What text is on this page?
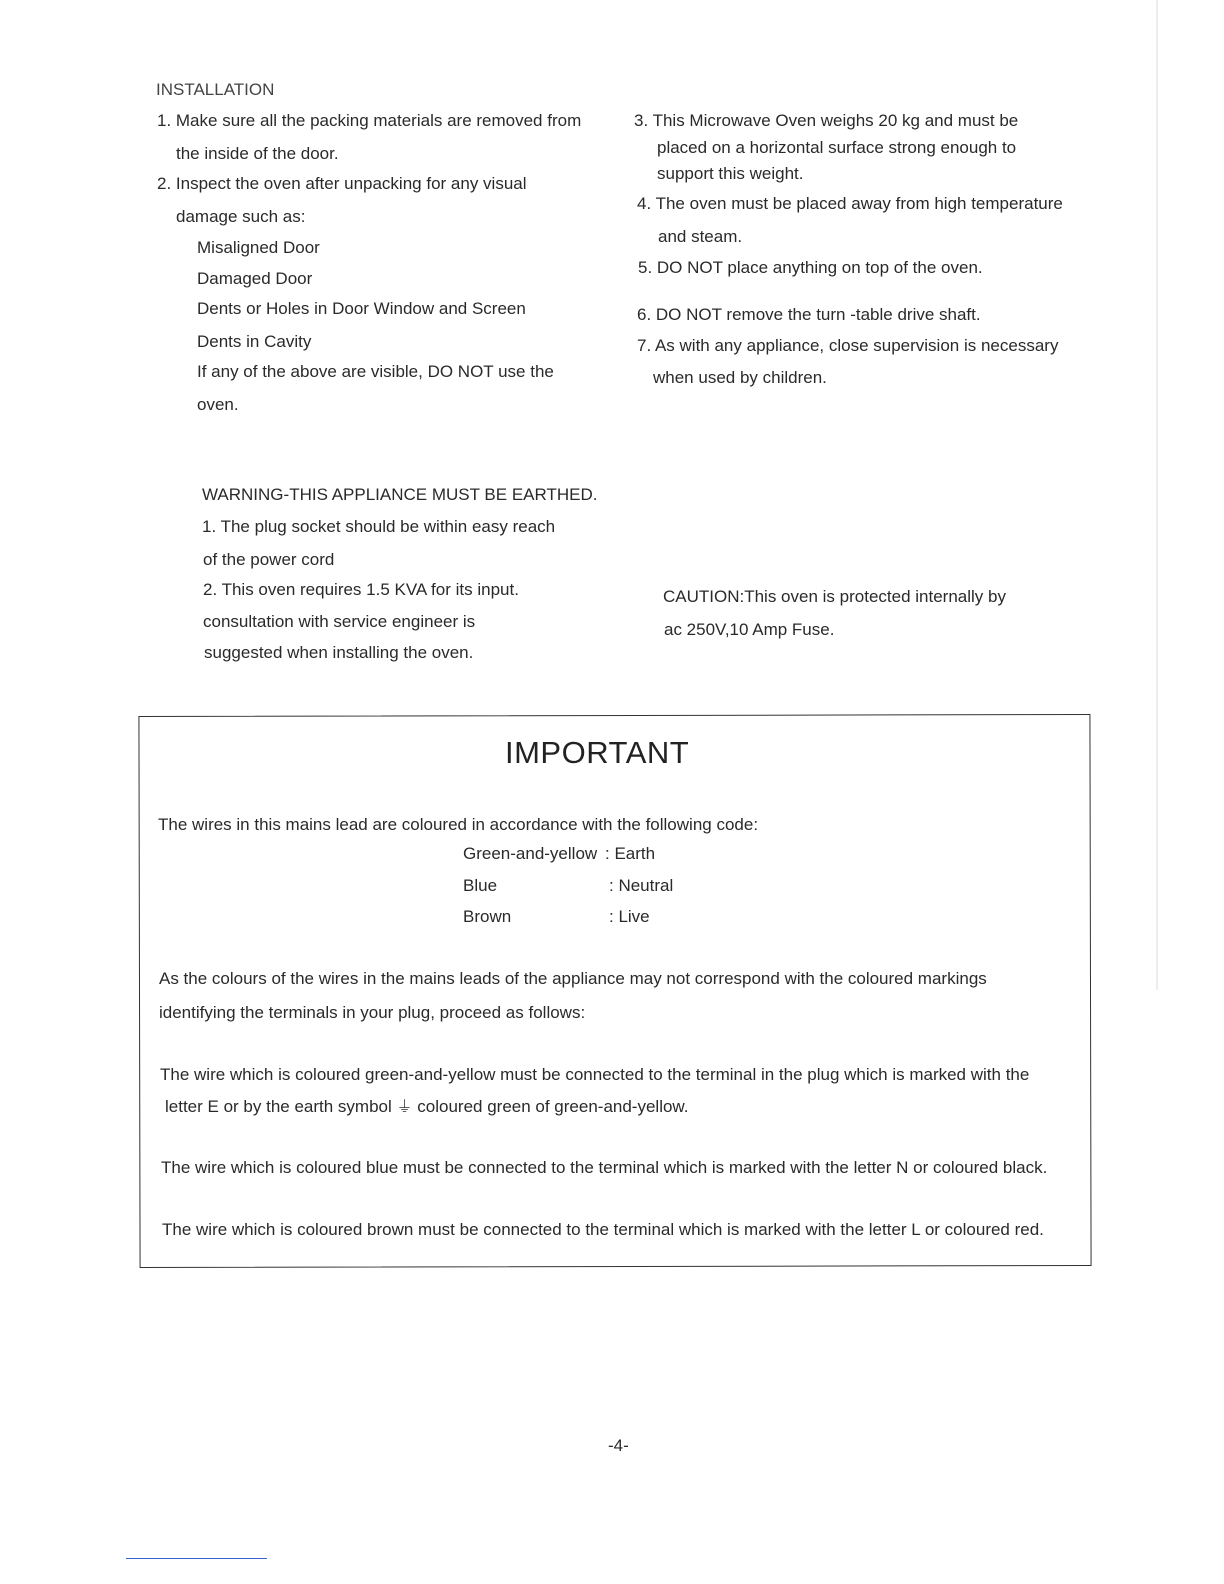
INSTALLATION
1. Make sure all the packing materials are removed from
the inside of the door.
2. Inspect the oven after unpacking for any visual
damage such as:
Misaligned Door
Damaged Door
Dents or Holes in Door Window and Screen
Dents in Cavity
If any of the above are visible, DO NOT use the
oven.
3. This Microwave Oven weighs 20 kg and must be
placed on a horizontal surface strong enough to
support this weight.
4. The oven must be placed away from high temperature
and steam.
5. DO NOT place anything on top of the oven.
6. DO NOT remove the turn -table drive shaft.
7. As with any appliance, close supervision is necessary
when used by children.
WARNING-THIS APPLIANCE MUST BE EARTHED.
1. The plug socket should be within easy reach
of the power cord
2. This oven requires 1.5 KVA for its input.
consultation with service engineer is
suggested when installing the oven.
CAUTION:This oven is protected internally by
ac 250V,10 Amp Fuse.
IMPORTANT
The wires in this mains lead are coloured in accordance with the following code:
Green-and-yellow : Earth
Blue	: Neutral
Brown	: Live
As the colours of the wires in the mains leads of the appliance may not correspond with the coloured markings
identifying the terminals in your plug, proceed as follows:
The wire which is coloured green-and-yellow must be connected to the terminal in the plug which is marked with the
letter E or by the earth symbol ⏚ coloured green of green-and-yellow.
The wire which is coloured blue must be connected to the terminal which is marked with the letter N or coloured black.
The wire which is coloured brown must be connected to the terminal which is marked with the letter L or coloured red.
-4-
